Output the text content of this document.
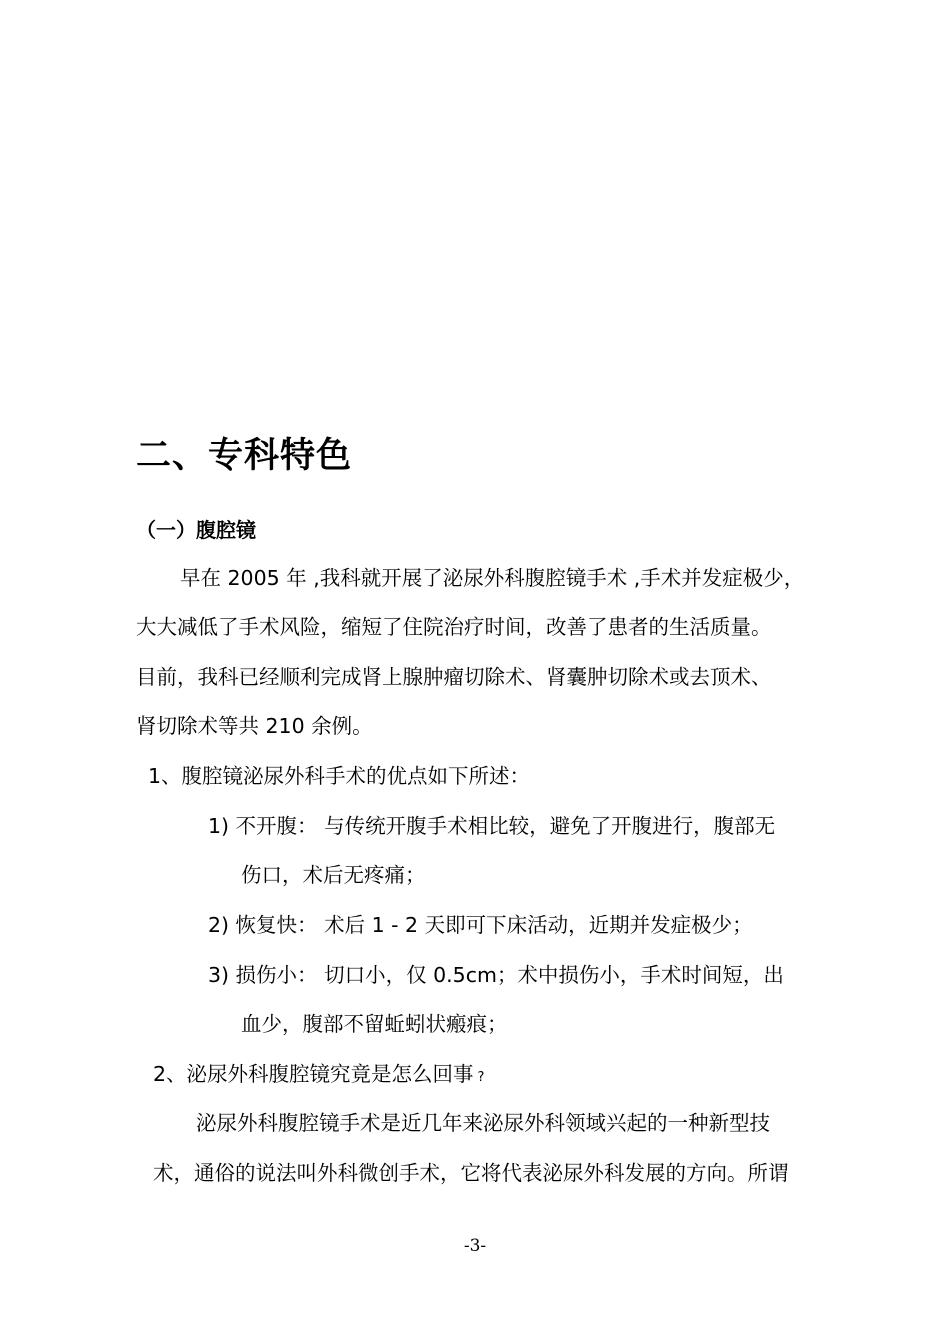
二、专科特色
（一）腹腔镜
早在 2005 年 ,我科就开展了泌尿外科腹腔镜手术 ,手术并发症极少，
大大减低了手术风险，缩短了住院治疗时间，改善了患者的生活质量。
目前，我科已经顺利完成肾上腺肿瘤切除术、肾囊肿切除术或去顶术、
肾切除术等共 210 余例。
1、腹腔镜泌尿外科手术的优点如下所述：
1) 不开腹： 与传统开腹手术相比较，避免了开腹进行，腹部无
伤口，术后无疼痛；
2) 恢复快： 术后 1 - 2 天即可下床活动，近期并发症极少；
3) 损伤小： 切口小，仅 0.5cm；术中损伤小，手术时间短，出
血少，腹部不留蚯蚓状瘢痕；
2、泌尿外科腹腔镜究竟是怎么回事 ?
泌尿外科腹腔镜手术是近几年来泌尿外科领域兴起的一种新型技
术，通俗的说法叫外科微创手术，它将代表泌尿外科发展的方向。所谓
-3-
